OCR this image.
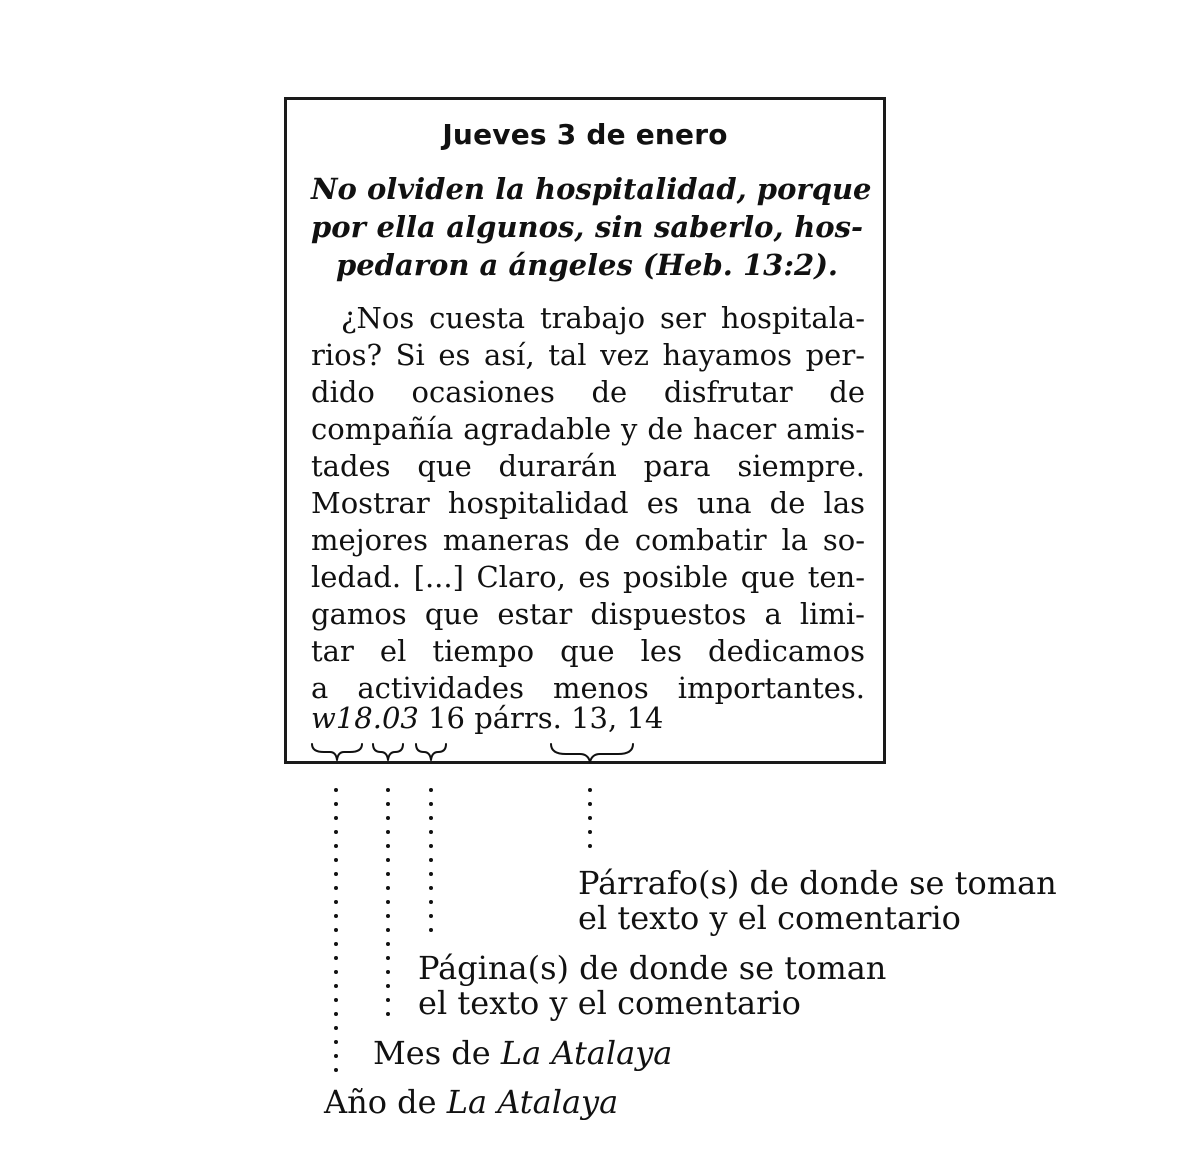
Jueves 3 de enero
No olviden la hospitalidad, porque
por ella algunos, sin saberlo, hos-
pedaron a ángeles (Heb. 13:2).
¿Nos cuesta trabajo ser hospitala-
rios? Si es así, tal vez hayamos per-
dido ocasiones de disfrutar de
compañía agradable y de hacer amis-
tades que durarán para siempre.
Mostrar hospitalidad es una de las
mejores maneras de combatir la so-
ledad. [...] Claro, es posible que ten-
gamos que estar dispuestos a limi-
tar el tiempo que les dedicamos
a actividades menos importantes.
w18.03 16 párrs. 13, 14
Párrafo(s) de donde se toman
el texto y el comentario
Página(s) de donde se toman
el texto y el comentario
Mes de La Atalaya
Año de La Atalaya
